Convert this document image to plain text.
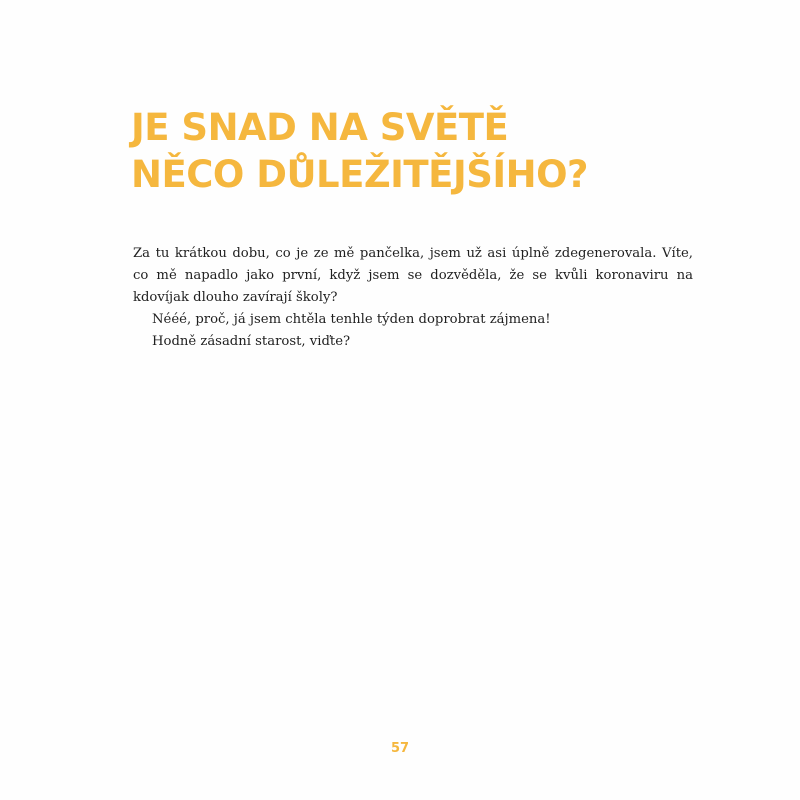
JE SNAD NA SVĚTĚ
NĚCO DŮLEŽITĚJŠÍHO?

Za tu krátkou dobu, co je ze mě pančelka, jsem už asi úplně zdegenerovala. Víte, co mě napadlo jako první, když jsem se dozvěděla, že se kvůli koronaviru na kdovíjak dlouho zavírají školy?

Nééé, proč, já jsem chtěla tenhle týden doprobrat zájmena!

Hodně zásadní starost, viďte?

57
